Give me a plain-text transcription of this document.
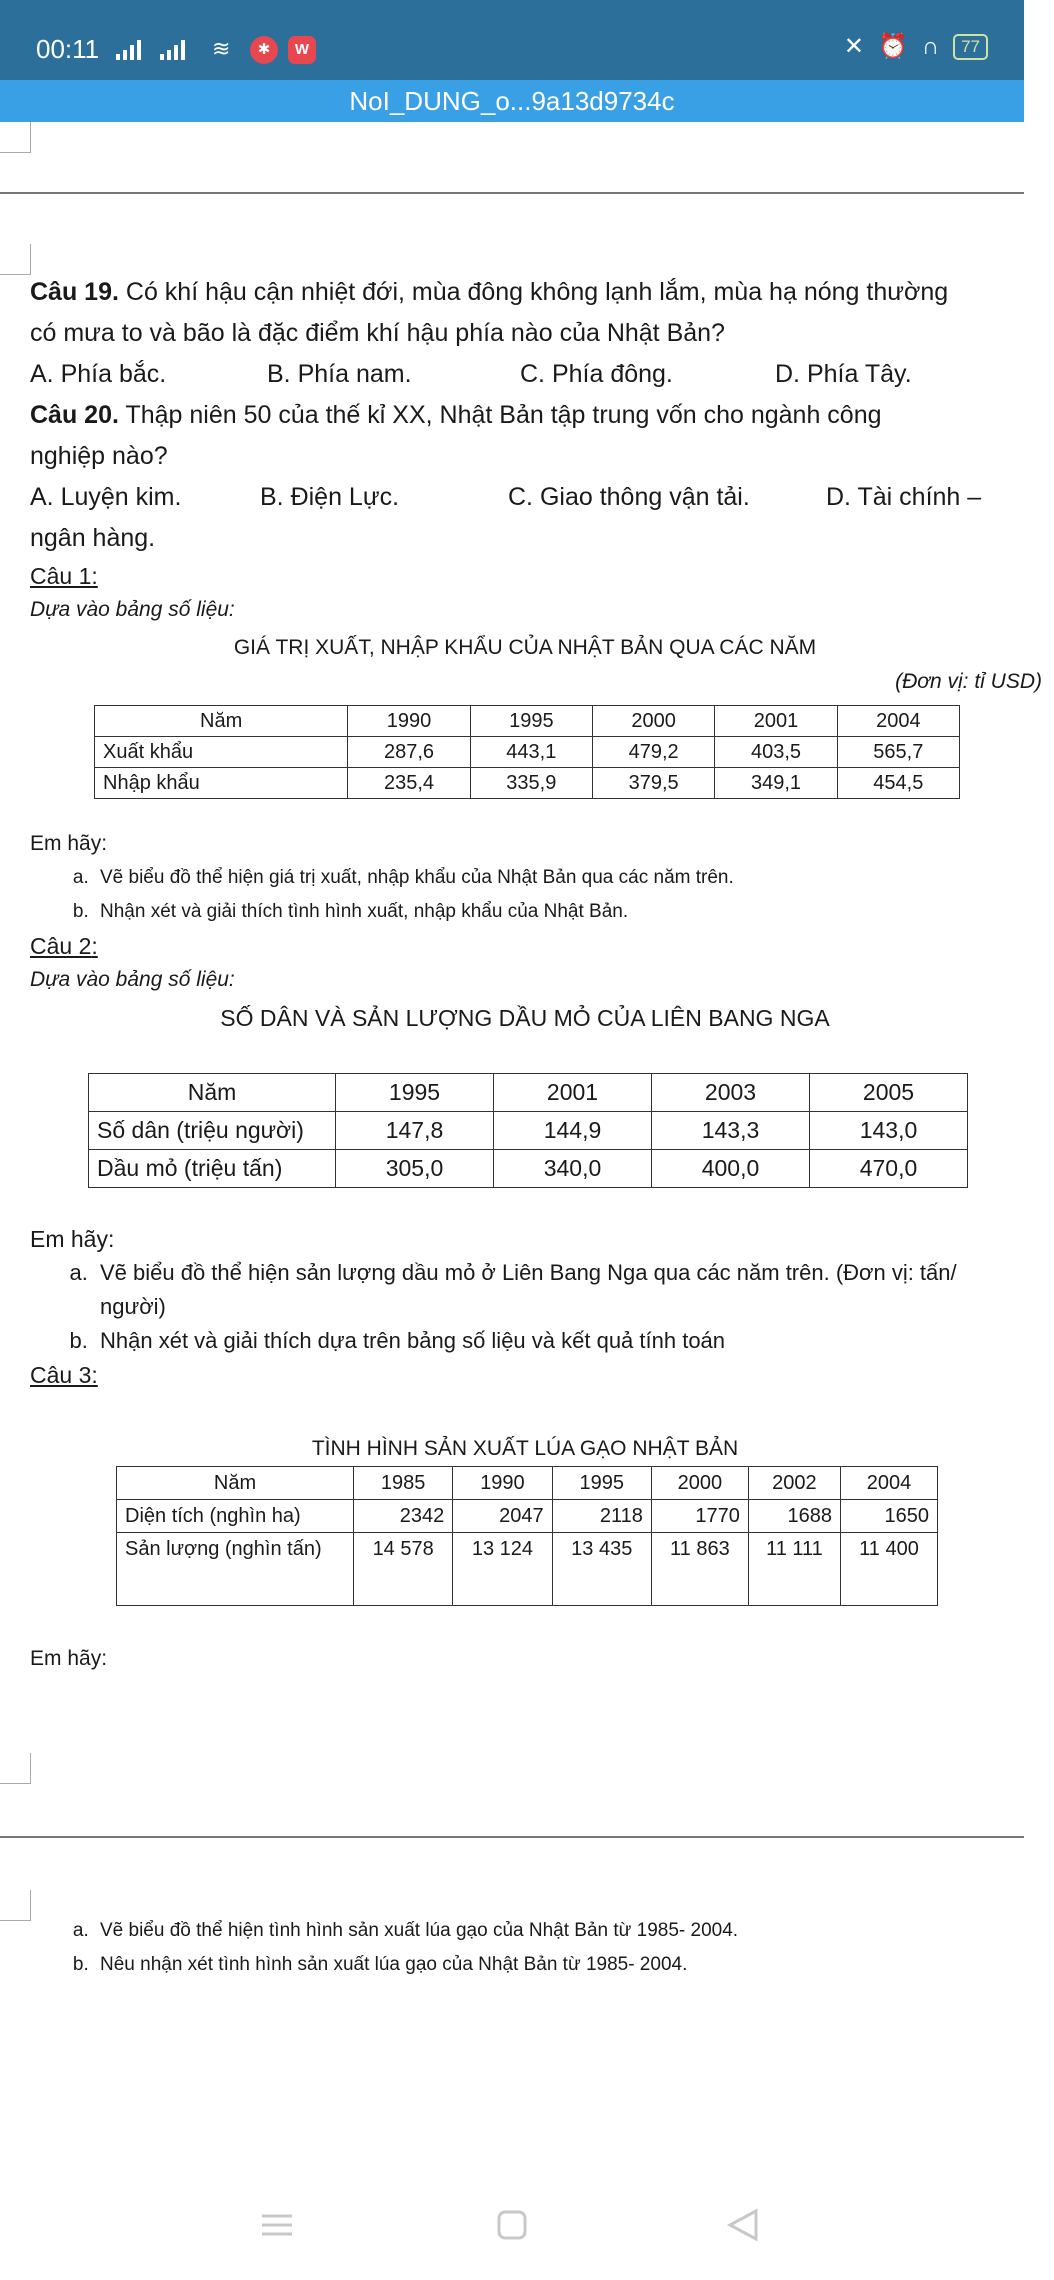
00:11	≋	✱	W	✕ ⏰ ∩	77
NoI_DUNG_o...9a13d9734c

Câu 19. Có khí hậu cận nhiệt đới, mùa đông không lạnh lắm, mùa hạ nóng thường

có mưa to và bão là đặc điểm khí hậu phía nào của Nhật Bản?

A. Phía bắc.	B. Phía nam.	C. Phía đông.	D. Phía Tây.

Câu 20. Thập niên 50 của thế kỉ XX, Nhật Bản tập trung vốn cho ngành công

nghiệp nào?

A. Luyện kim.	B. Điện Lực.	C. Giao thông vận tải.	D. Tài chính –

ngân hàng.

Câu 1:

Dựa vào bảng số liệu:

GIÁ TRỊ XUẤT, NHẬP KHẨU CỦA NHẬT BẢN QUA CÁC NĂM

(Đơn vị: tỉ USD)

Năm	1990	1995	2000	2001	2004
Xuất khẩu	287,6	443,1	479,2	403,5	565,7
Nhập khẩu	235,4	335,9	379,5	349,1	454,5

Em hãy:

a. Vẽ biểu đồ thể hiện giá trị xuất, nhập khẩu của Nhật Bản qua các năm trên.
b. Nhận xét và giải thích tình hình xuất, nhập khẩu của Nhật Bản.

Câu 2:

Dựa vào bảng số liệu:

SỐ DÂN VÀ SẢN LƯỢNG DẦU MỎ CỦA LIÊN BANG NGA

Năm	1995	2001	2003	2005
Số dân (triệu người)	147,8	144,9	143,3	143,0
Dầu mỏ (triệu tấn)	305,0	340,0	400,0	470,0

Em hãy:

a. Vẽ biểu đồ thể hiện sản lượng dầu mỏ ở Liên Bang Nga qua các năm trên. (Đơn vị: tấn/ người)
b. Nhận xét và giải thích dựa trên bảng số liệu và kết quả tính toán

Câu 3:

TÌNH HÌNH SẢN XUẤT LÚA GẠO NHẬT BẢN

Năm	1985	1990	1995	2000	2002	2004
Diện tích (nghìn ha)	2342	2047	2118	1770	1688	1650
Sản lượng (nghìn tấn)	14 578	13 124	13 435	11 863	11 111	11 400

Em hãy:

a. Vẽ biểu đồ thể hiện tình hình sản xuất lúa gạo của Nhật Bản từ 1985- 2004.
b. Nêu nhận xét tình hình sản xuất lúa gạo của Nhật Bản từ 1985- 2004.
